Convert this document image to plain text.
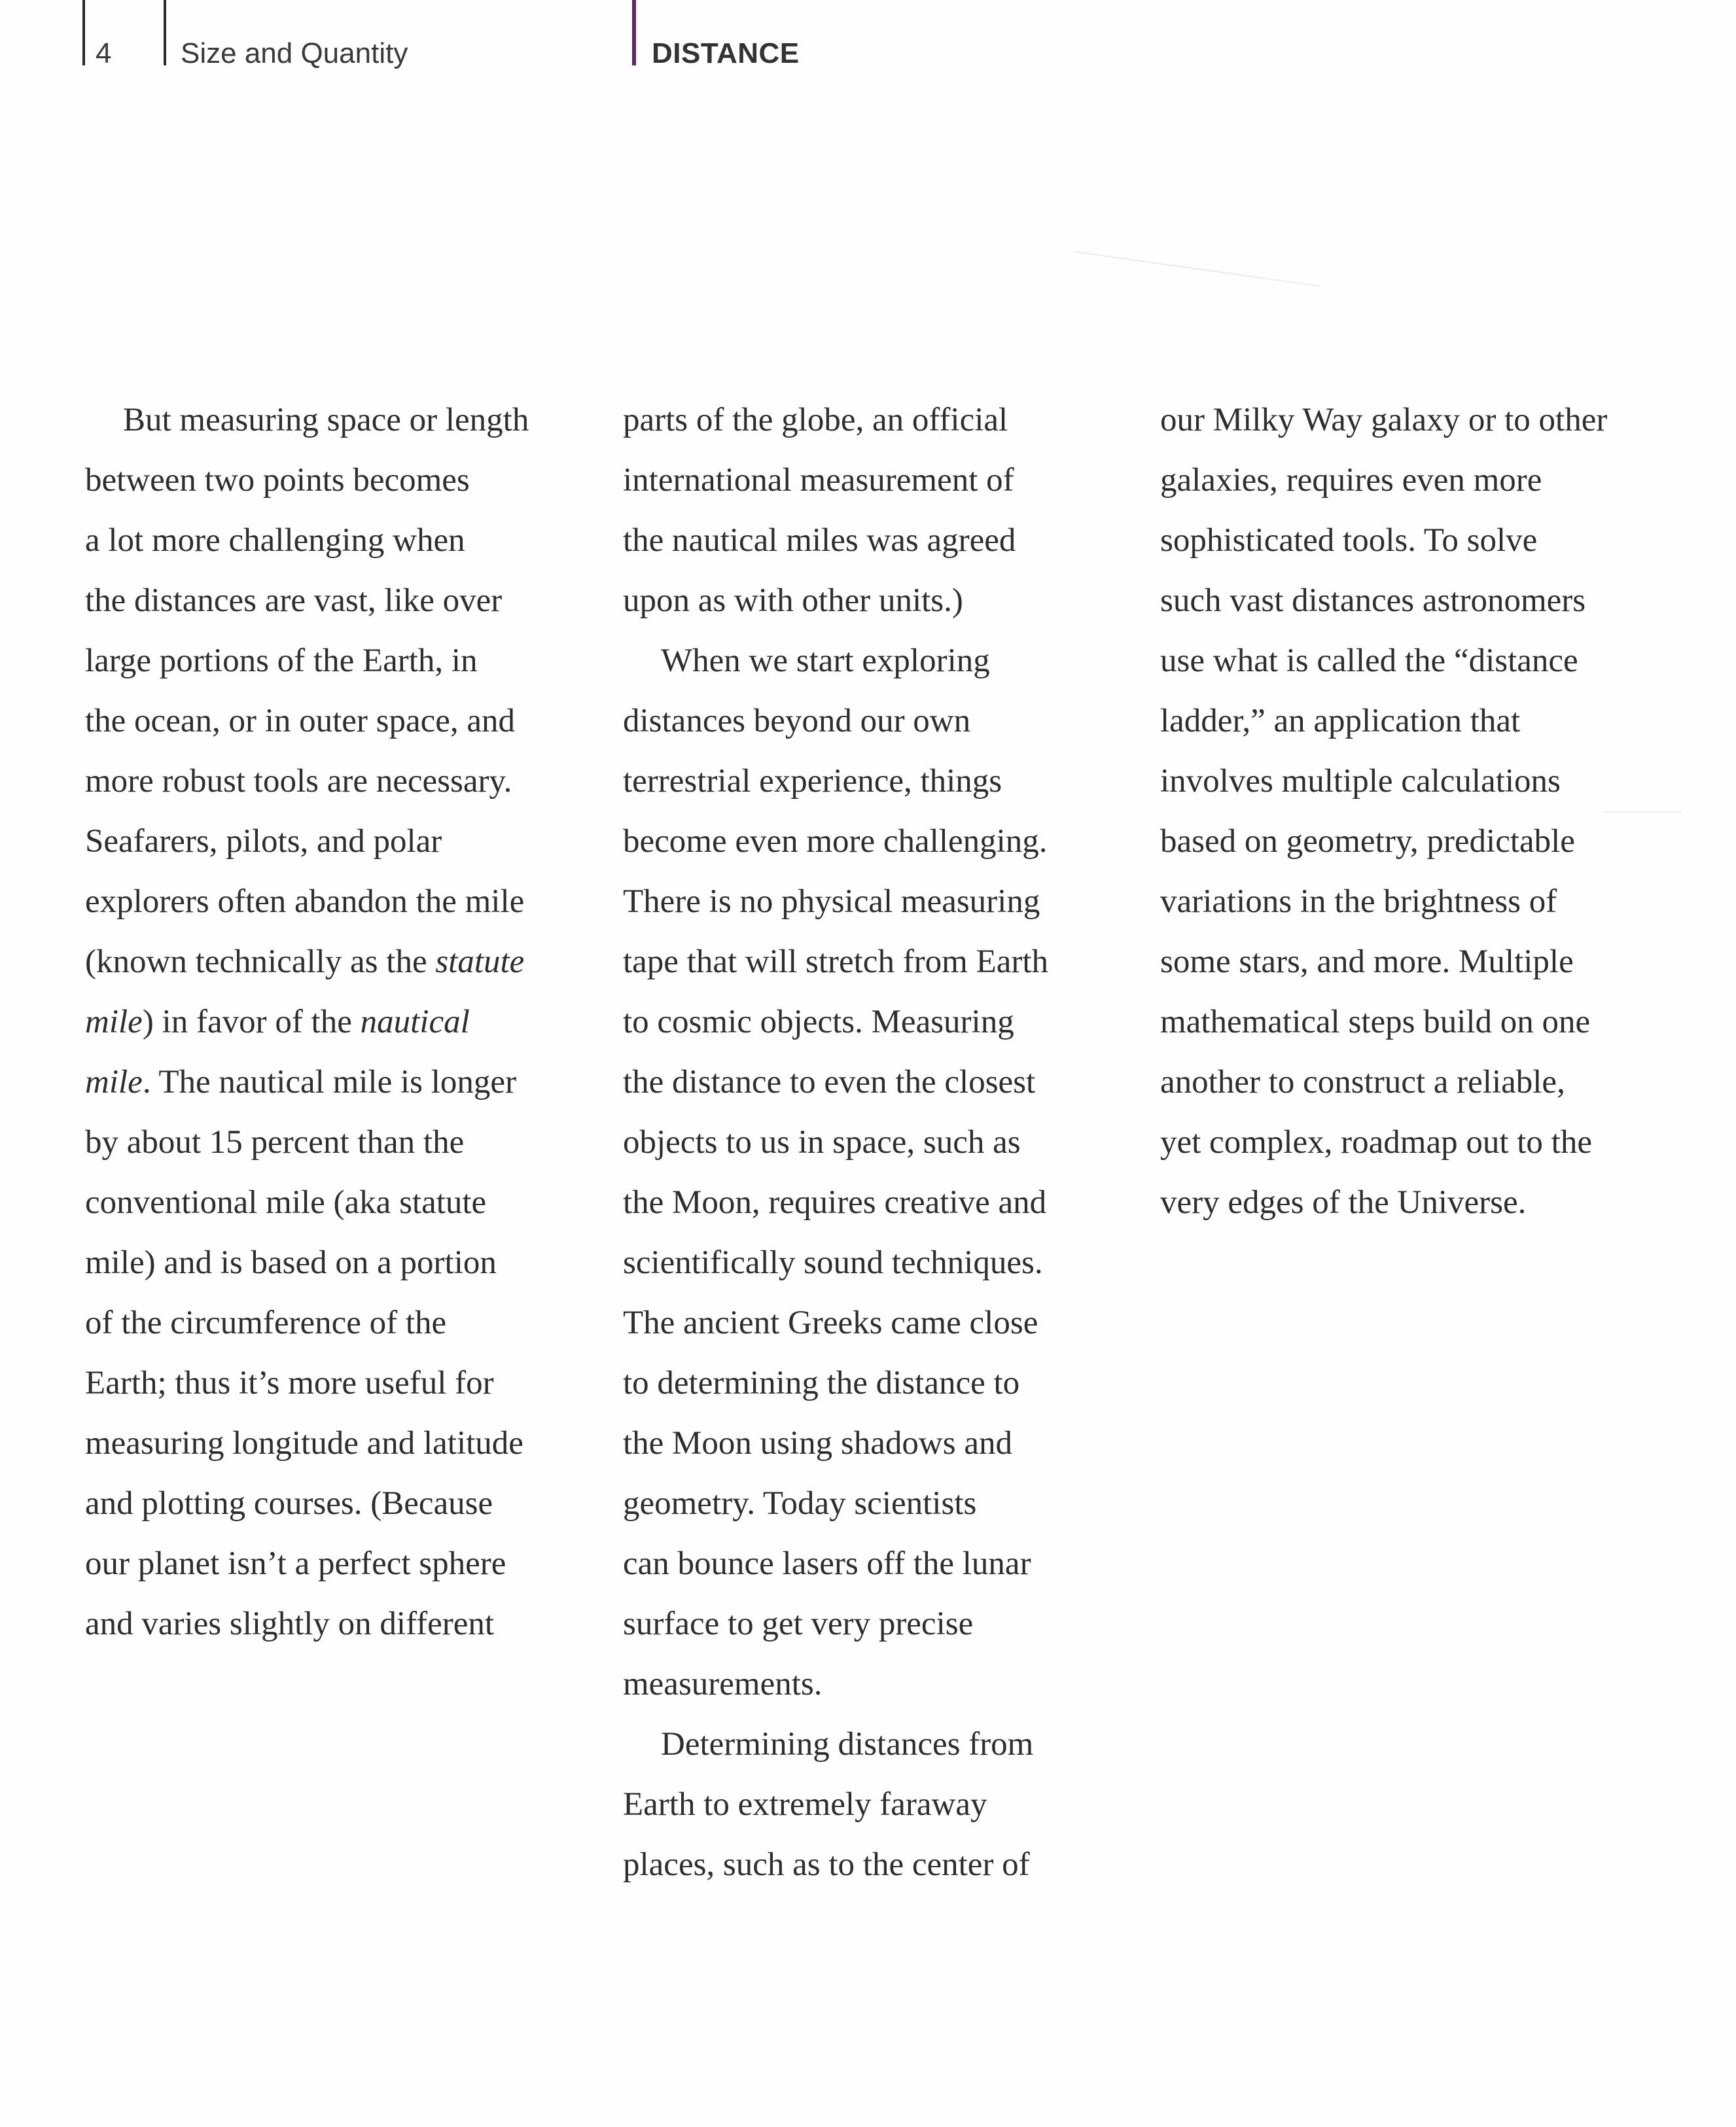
4 Size and Quantity	DISTANCE

But measuring space or length
between two points becomes
a lot more challenging when
the distances are vast, like over
large portions of the Earth, in
the ocean, or in outer space, and
more robust tools are necessary.
Seafarers, pilots, and polar
explorers often abandon the mile
(known technically as the statute
mile) in favor of the nautical
mile. The nautical mile is longer
by about 15 percent than the
conventional mile (aka statute
mile) and is based on a portion
of the circumference of the
Earth; thus it’s more useful for
measuring longitude and latitude
and plotting courses. (Because
our planet isn’t a perfect sphere
and varies slightly on different

parts of the globe, an official
international measurement of
the nautical miles was agreed
upon as with other units.)

When we start exploring
distances beyond our own
terrestrial experience, things
become even more challenging.
There is no physical measuring
tape that will stretch from Earth
to cosmic objects. Measuring
the distance to even the closest
objects to us in space, such as
the Moon, requires creative and
scientifically sound techniques.
The ancient Greeks came close
to determining the distance to
the Moon using shadows and
geometry. Today scientists
can bounce lasers off the lunar
surface to get very precise
measurements.

Determining distances from
Earth to extremely faraway
places, such as to the center of

our Milky Way galaxy or to other
galaxies, requires even more
sophisticated tools. To solve
such vast distances astronomers
use what is called the “distance
ladder,” an application that
involves multiple calculations
based on geometry, predictable
variations in the brightness of
some stars, and more. Multiple
mathematical steps build on one
another to construct a reliable,
yet complex, roadmap out to the
very edges of the Universe.
